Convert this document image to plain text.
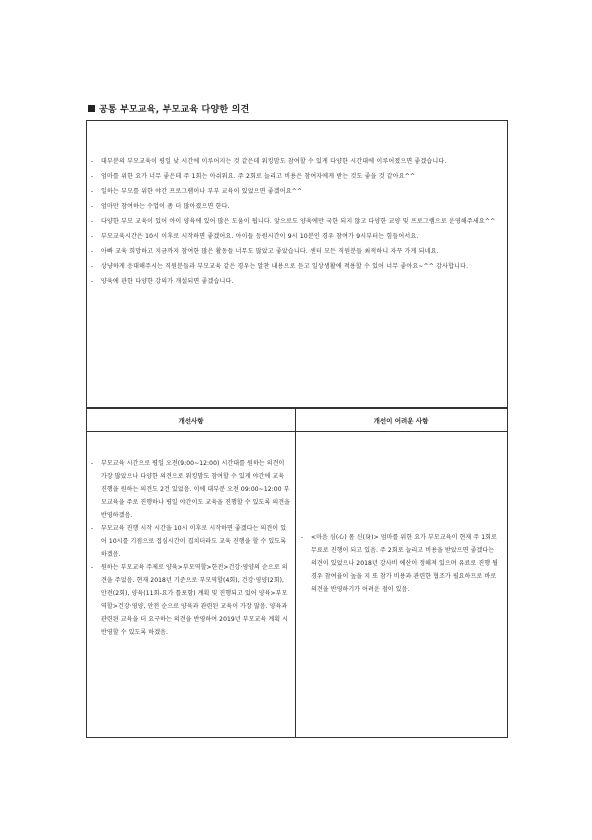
공통 부모교육, 부모교육 다양한 의견
- 대부분의 부모교육이 평일 낮 시간에 이루어지는 것 같은데 워킹맘도 참여할 수 있게 다양한 시간대에 이루어졌으면 좋겠습니다.
- 엄마를 위한 요가 너무 좋은데 주 1회는 아쉬워요. 주 2회로 늘리고 비용은 참여자에게 받는 것도 좋을 것 같아요^^
- 일하는 부모를 위한 야간 프로그램이나 부부 교육이 있었으면 좋겠어요^^
- 엄마만 참여하는 수업이 좀 더 많아졌으면 한다.
- 다양한 부모 교육이 있어 아이 양육에 있어 많은 도움이 됩니다. 앞으로도 양육에만 국한 되지 않고 다양한 교양 및 프로그램으로 운영해주세요^^
- 부모교육시간은 10시 이후로 시작하면 좋겠어요. 아이들 등원시간이 9시 10분인 경우 참여가 9시부터는 힘들어서요.
- 아빠 교육 희망하고 지금까지 참여한 많은 활동들 너무도 많았고 좋았습니다. 센터 모든 직원분들 최적하니 자꾸 가게 되네요.
- 상냥하게 응대해주시는 직원분들과 부모교육 같은 경우는 알찬 내용으로 듣고 일상생활에 적용할 수 있어 너무 좋아요~^^ 감사합니다.
- 양육에 관한 다양한 강의가 개설되면 좋겠습니다.
개선사항	개선이 어려운 사항
- 부모교육 시간으로 평일 오전(9:00~12:00) 시간대를 원하는 의견이 가장 많았으나 다양한 의견으로 워킹맘도 참여할 수 있게 야간에 교육 진행을 원하는 의견도 2건 있었음. 이에 대부분 오전 09:00~12:00 부모교육을 주로 진행하나 평일 야간이도 교육을 진행할 수 있도록 의견을 반영하겠음.
- 부모교육 진행 시작 시간을 10시 이후로 시작하면 좋겠다는 의견이 있어 10시를 기점으로 접심시간이 겹치더라도 교육 진행을 할 수 있도록 하겠음.
- 원하는 부모교육 주제로 양육>부모역할>한전>건강·영양의 순으로 의견을 주었음. 현재 2018년 기준으로 부모역할(4회), 건강·영양(2회), 안전(2회), 양육(11회-요가 틀포함) 계획 및 진행되고 있어 양육>부모역할>건강·영양, 안전 순으로 양육과 관련된 교육이 가장 많음. 양육과 관련된 교육을 더 요구하는 의견을 반영하여 2019년 부모교육 계획 시 반영할 수 있도록 하겠음.
- <마음 심(心) 몸 신(身)> 엄마를 위한 요가 부모교육이 현재 주 1회로 무료로 진행이 되고 있음. 주 2회로 늘리고 비용을 받았으면 좋겠다는 의견이 있었으나 2018년 강사비 예산이 정해져 있으며 유료로 진행 될 경우 참여율이 높을 지 또 참가 비용과 관련한 협조가 필요하므로 바로 의견을 반영하기가 어려운 점이 있음.
